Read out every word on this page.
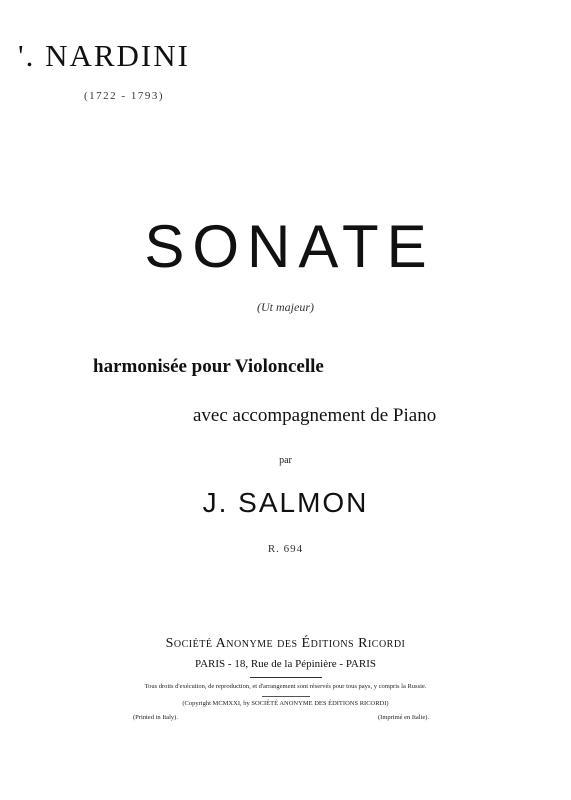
'. NARDINI
(1722 - 1793)
SONATE
(Ut majeur)
harmonisée pour Violoncelle
avec accompagnement de Piano
par
J. SALMON
R. 694
Société Anonyme des Éditions Ricordi
PARIS - 18, Rue de la Pépinière - PARIS
Tous droits d'exécution, de reproduction, et d'arrangement sont réservés pour tous pays, y compris la Russie.
(Copyright MCMXXI, by SOCIÉTÉ ANONYME DES ÉDITIONS RICORDI)
(Printed in Italy).	(Imprimé en Italie).
